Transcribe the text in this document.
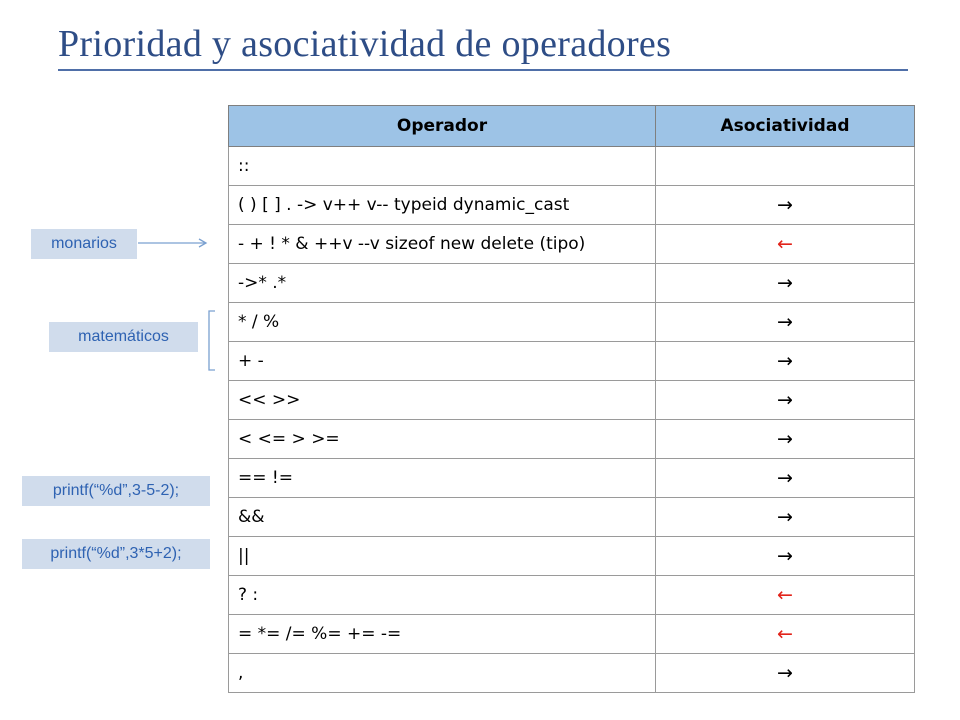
Prioridad y asociatividad de operadores
Operador	Asociatividad
::	
( ) [ ] . -> v++ v-- typeid dynamic_cast	→
- + ! * & ++v --v sizeof new delete (tipo)	←
->* .*	→
* / %	→
+ -	→
<< >>	→
< <= > >=	→
== !=	→
&&	→
||	→
? :	←
= *= /= %= += -=	←
,	→
monarios
matemáticos
printf(“%d”,3-5-2);
printf(“%d”,3*5+2);
